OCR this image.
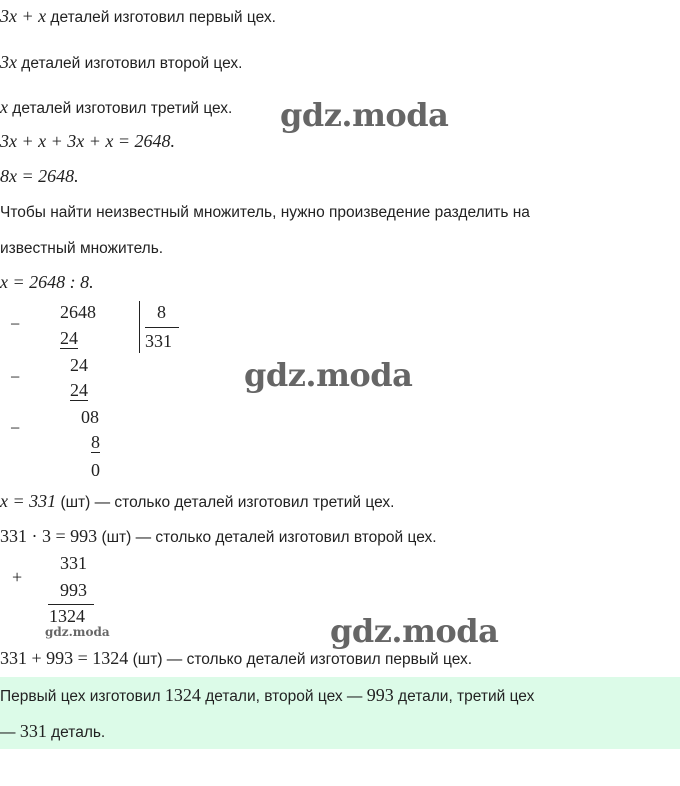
3x + x деталей изготовил первый цех.
3x деталей изготовил второй цех.
x деталей изготовил третий цех. gdz.moda
3x + x + 3x + x = 2648.
8x = 2648.
Чтобы найти неизвестный множитель, нужно произведение разделить на
известный множитель.
x = 2648 : 8.
−
2648
24
8
331
−
24
24
−
08
8
0
gdz.moda
x = 331 (шт) — столько деталей изготовил третий цех.
331 · 3 = 993 (шт) — столько деталей изготовил второй цех.
+
331
993
1324
gdz.moda	gdz.moda
331 + 993 = 1324 (шт) — столько деталей изготовил первый цех.
Первый цех изготовил 1324 детали, второй цех — 993 детали, третий цех
— 331 деталь.
